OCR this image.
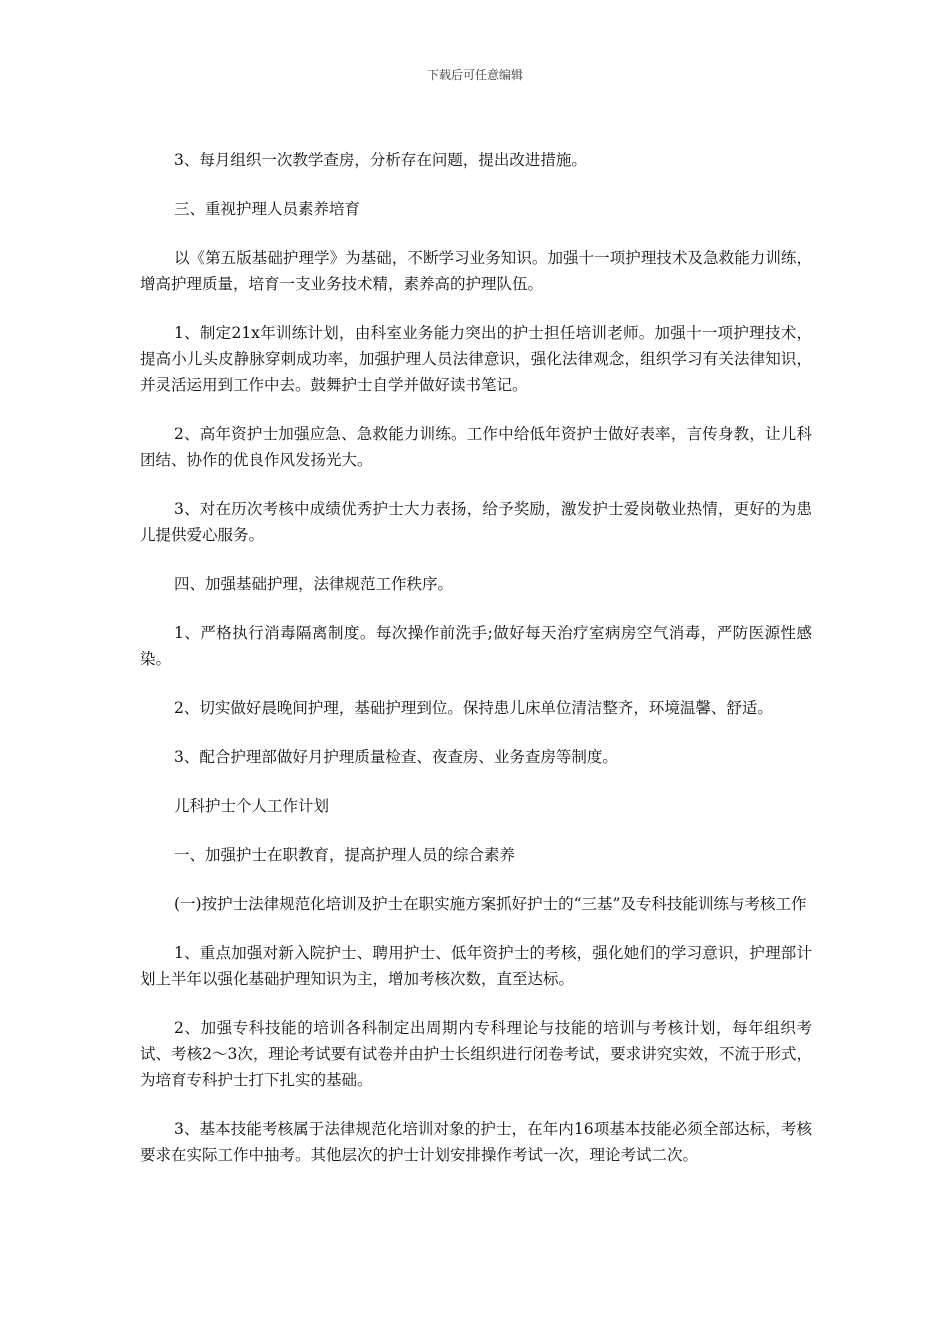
下载后可任意编辑

3、每月组织一次教学查房，分析存在问题，提出改进措施。

三、重视护理人员素养培育

以《第五版基础护理学》为基础，不断学习业务知识。加强十一项护理技术及急救能力训练，增高护理质量，培育一支业务技术精，素养高的护理队伍。

1、制定21x年训练计划，由科室业务能力突出的护士担任培训老师。加强十一项护理技术，提高小儿头皮静脉穿刺成功率，加强护理人员法律意识，强化法律观念，组织学习有关法律知识，并灵活运用到工作中去。鼓舞护士自学并做好读书笔记。

2、高年资护士加强应急、急救能力训练。工作中给低年资护士做好表率，言传身教，让儿科团结、协作的优良作风发扬光大。

3、对在历次考核中成绩优秀护士大力表扬，给予奖励，激发护士爱岗敬业热情，更好的为患儿提供爱心服务。

四、加强基础护理，法律规范工作秩序。

1、严格执行消毒隔离制度。每次操作前洗手;做好每天治疗室病房空气消毒，严防医源性感染。

2、切实做好晨晚间护理，基础护理到位。保持患儿床单位清洁整齐，环境温馨、舒适。

3、配合护理部做好月护理质量检查、夜查房、业务查房等制度。

儿科护士个人工作计划

一、加强护士在职教育，提高护理人员的综合素养

(一)按护士法律规范化培训及护士在职实施方案抓好护士的“三基”及专科技能训练与考核工作

1、重点加强对新入院护士、聘用护士、低年资护士的考核，强化她们的学习意识，护理部计划上半年以强化基础护理知识为主，增加考核次数，直至达标。

2、加强专科技能的培训各科制定出周期内专科理论与技能的培训与考核计划，每年组织考试、考核2～3次，理论考试要有试卷并由护士长组织进行闭卷考试，要求讲究实效，不流于形式，为培育专科护士打下扎实的基础。

3、基本技能考核属于法律规范化培训对象的护士，在年内16项基本技能必须全部达标，考核要求在实际工作中抽考。其他层次的护士计划安排操作考试一次，理论考试二次。
